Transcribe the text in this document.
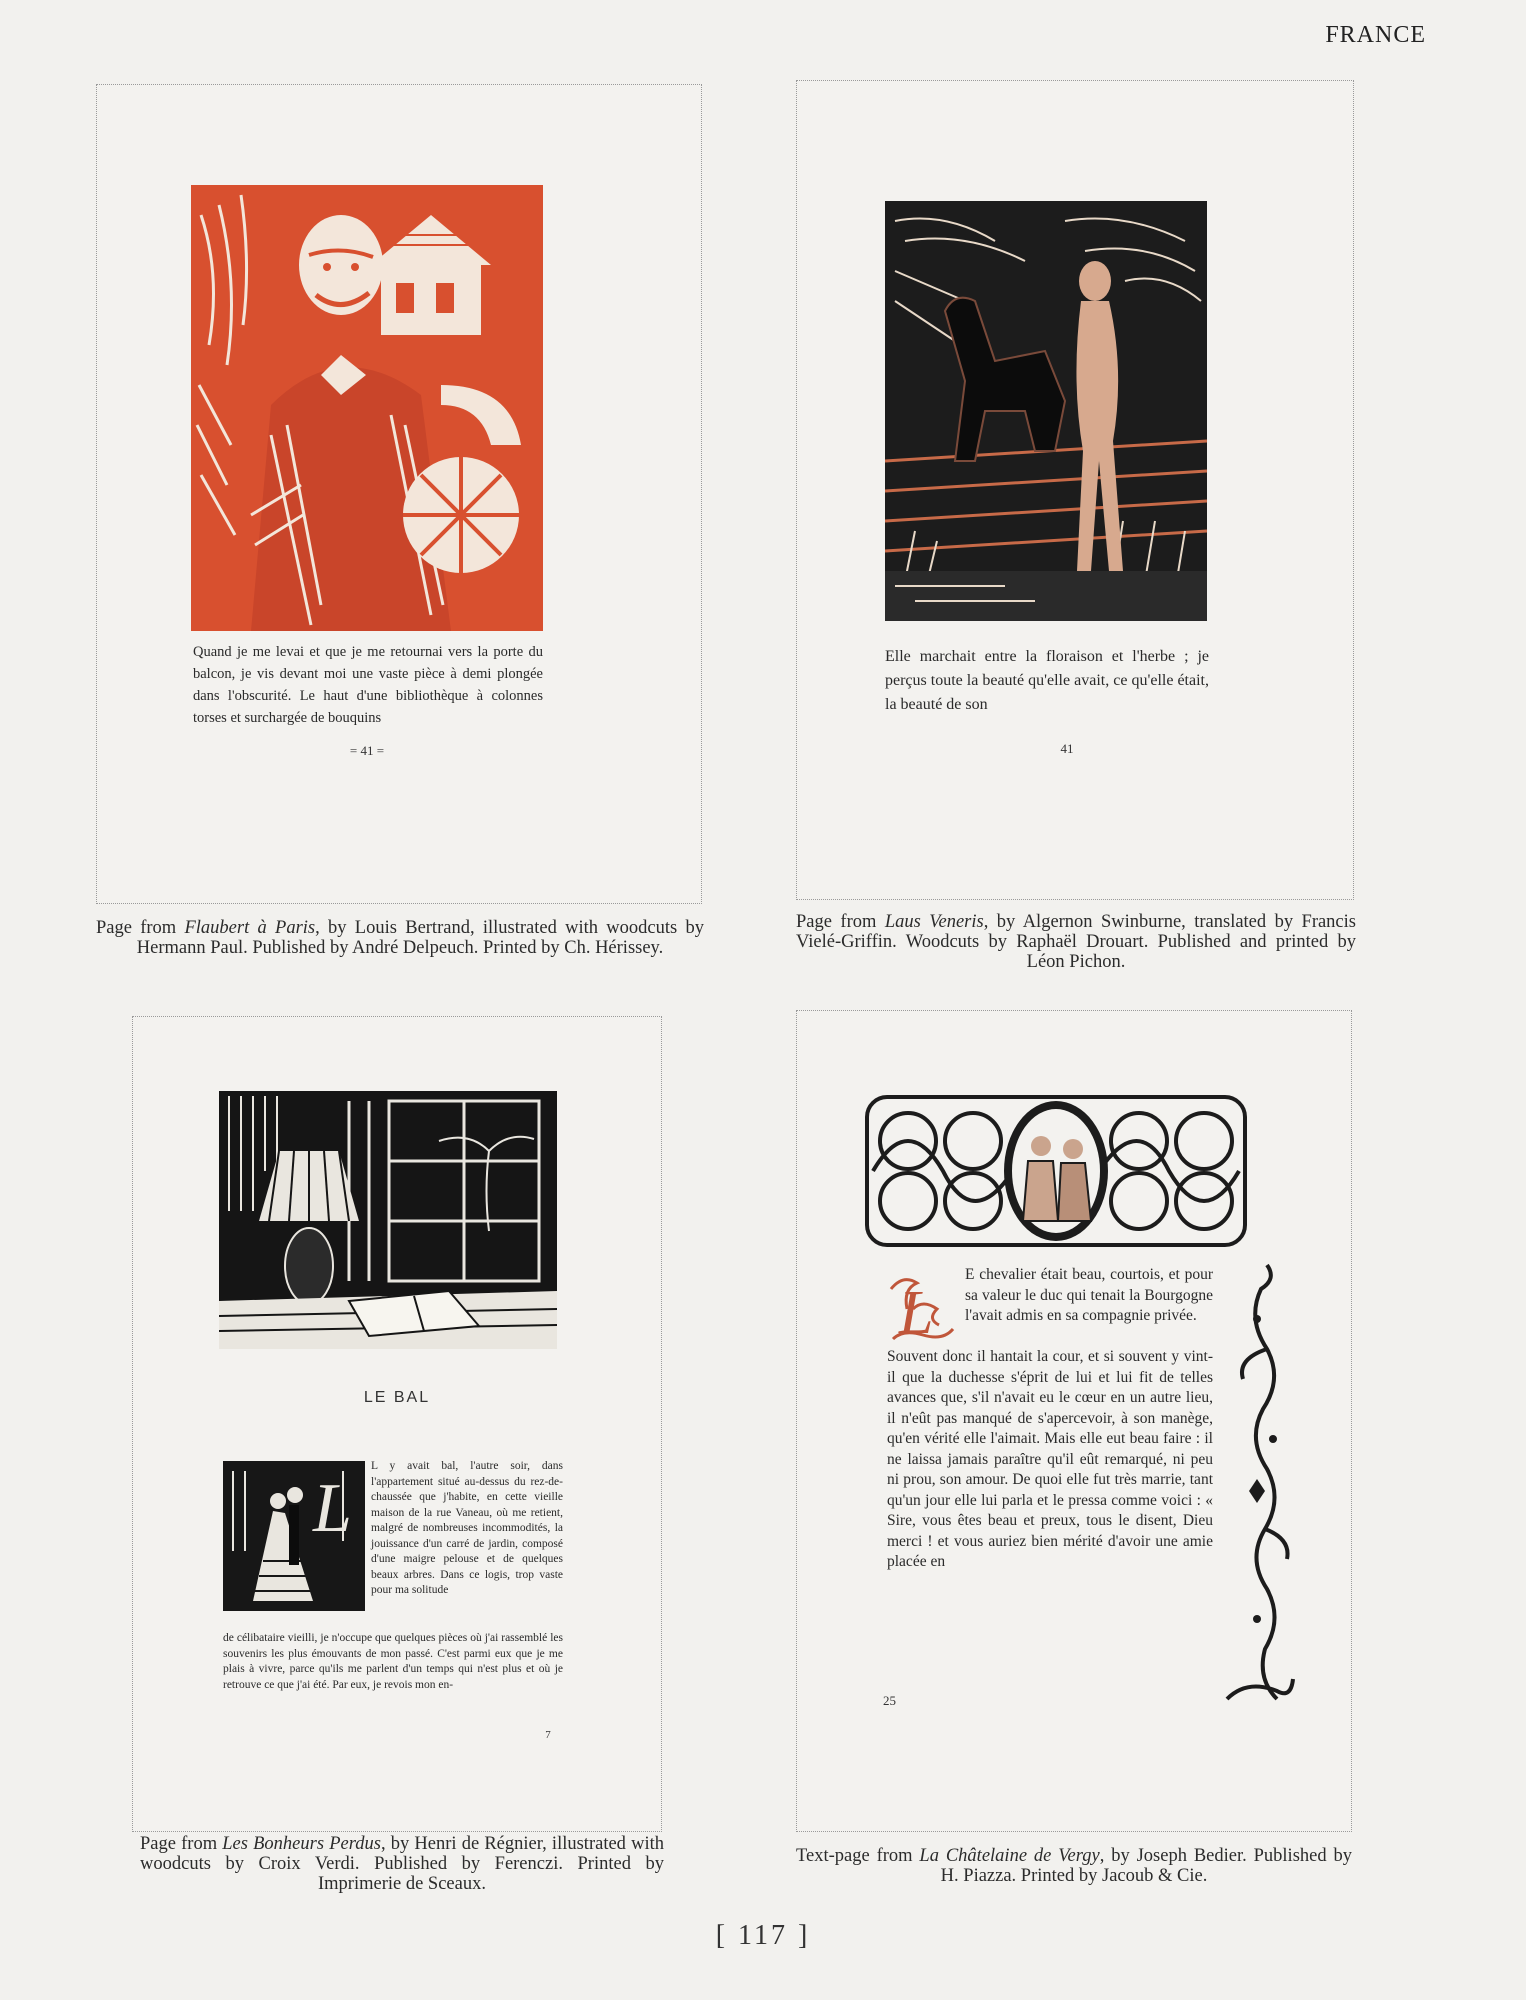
FRANCE
Quand je me levai et que je me retournai vers la porte du balcon, je vis devant moi une vaste pièce à demi plongée dans l'obscurité. Le haut d'une bibliothèque à colonnes torses et surchargée de bouquins
= 41 =
Page from Flaubert à Paris, by Louis Bertrand, illustrated with woodcuts by Hermann Paul. Published by André Delpeuch. Printed by Ch. Hérissey.
Elle marchait entre la floraison et l'herbe ; je perçus toute la beauté qu'elle avait, ce qu'elle était, la beauté de son
41
Page from Laus Veneris, by Algernon Swinburne, translated by Francis Vielé-Griffin. Woodcuts by Raphaël Drouart. Published and printed by Léon Pichon.
LE BAL
L
L y avait bal, l'autre soir, dans l'appartement situé au-dessus du rez-de-chaussée que j'habite, en cette vieille maison de la rue Vaneau, où me retient, malgré de nombreuses incommodités, la jouissance d'un carré de jardin, composé d'une maigre pelouse et de quelques beaux arbres. Dans ce logis, trop vaste pour ma solitude
de célibataire vieilli, je n'occupe que quelques pièces où j'ai rassemblé les souvenirs les plus émouvants de mon passé. C'est parmi eux que je me plais à vivre, parce qu'ils me parlent d'un temps qui n'est plus et où je retrouve ce que j'ai été. Par eux, je revois mon en-
7
Page from Les Bonheurs Perdus, by Henri de Régnier, illustrated with woodcuts by Croix Verdi. Published by Ferenczi. Printed by Imprimerie de Sceaux.
L
E chevalier était beau, courtois, et pour sa valeur le duc qui tenait la Bourgogne l'avait admis en sa compagnie privée.
Souvent donc il hantait la cour, et si souvent y vint-il que la duchesse s'éprit de lui et lui fit de telles avances que, s'il n'avait eu le cœur en un autre lieu, il n'eût pas manqué de s'apercevoir, à son manège, qu'en vérité elle l'aimait. Mais elle eut beau faire : il ne laissa jamais paraître qu'il eût remarqué, ni peu ni prou, son amour. De quoi elle fut très marrie, tant qu'un jour elle lui parla et le pressa comme voici : « Sire, vous êtes beau et preux, tous le disent, Dieu merci ! et vous auriez bien mérité d'avoir une amie placée en
25
Text-page from La Châtelaine de Vergy, by Joseph Bedier. Published by H. Piazza. Printed by Jacoub & Cie.
[ 117 ]
